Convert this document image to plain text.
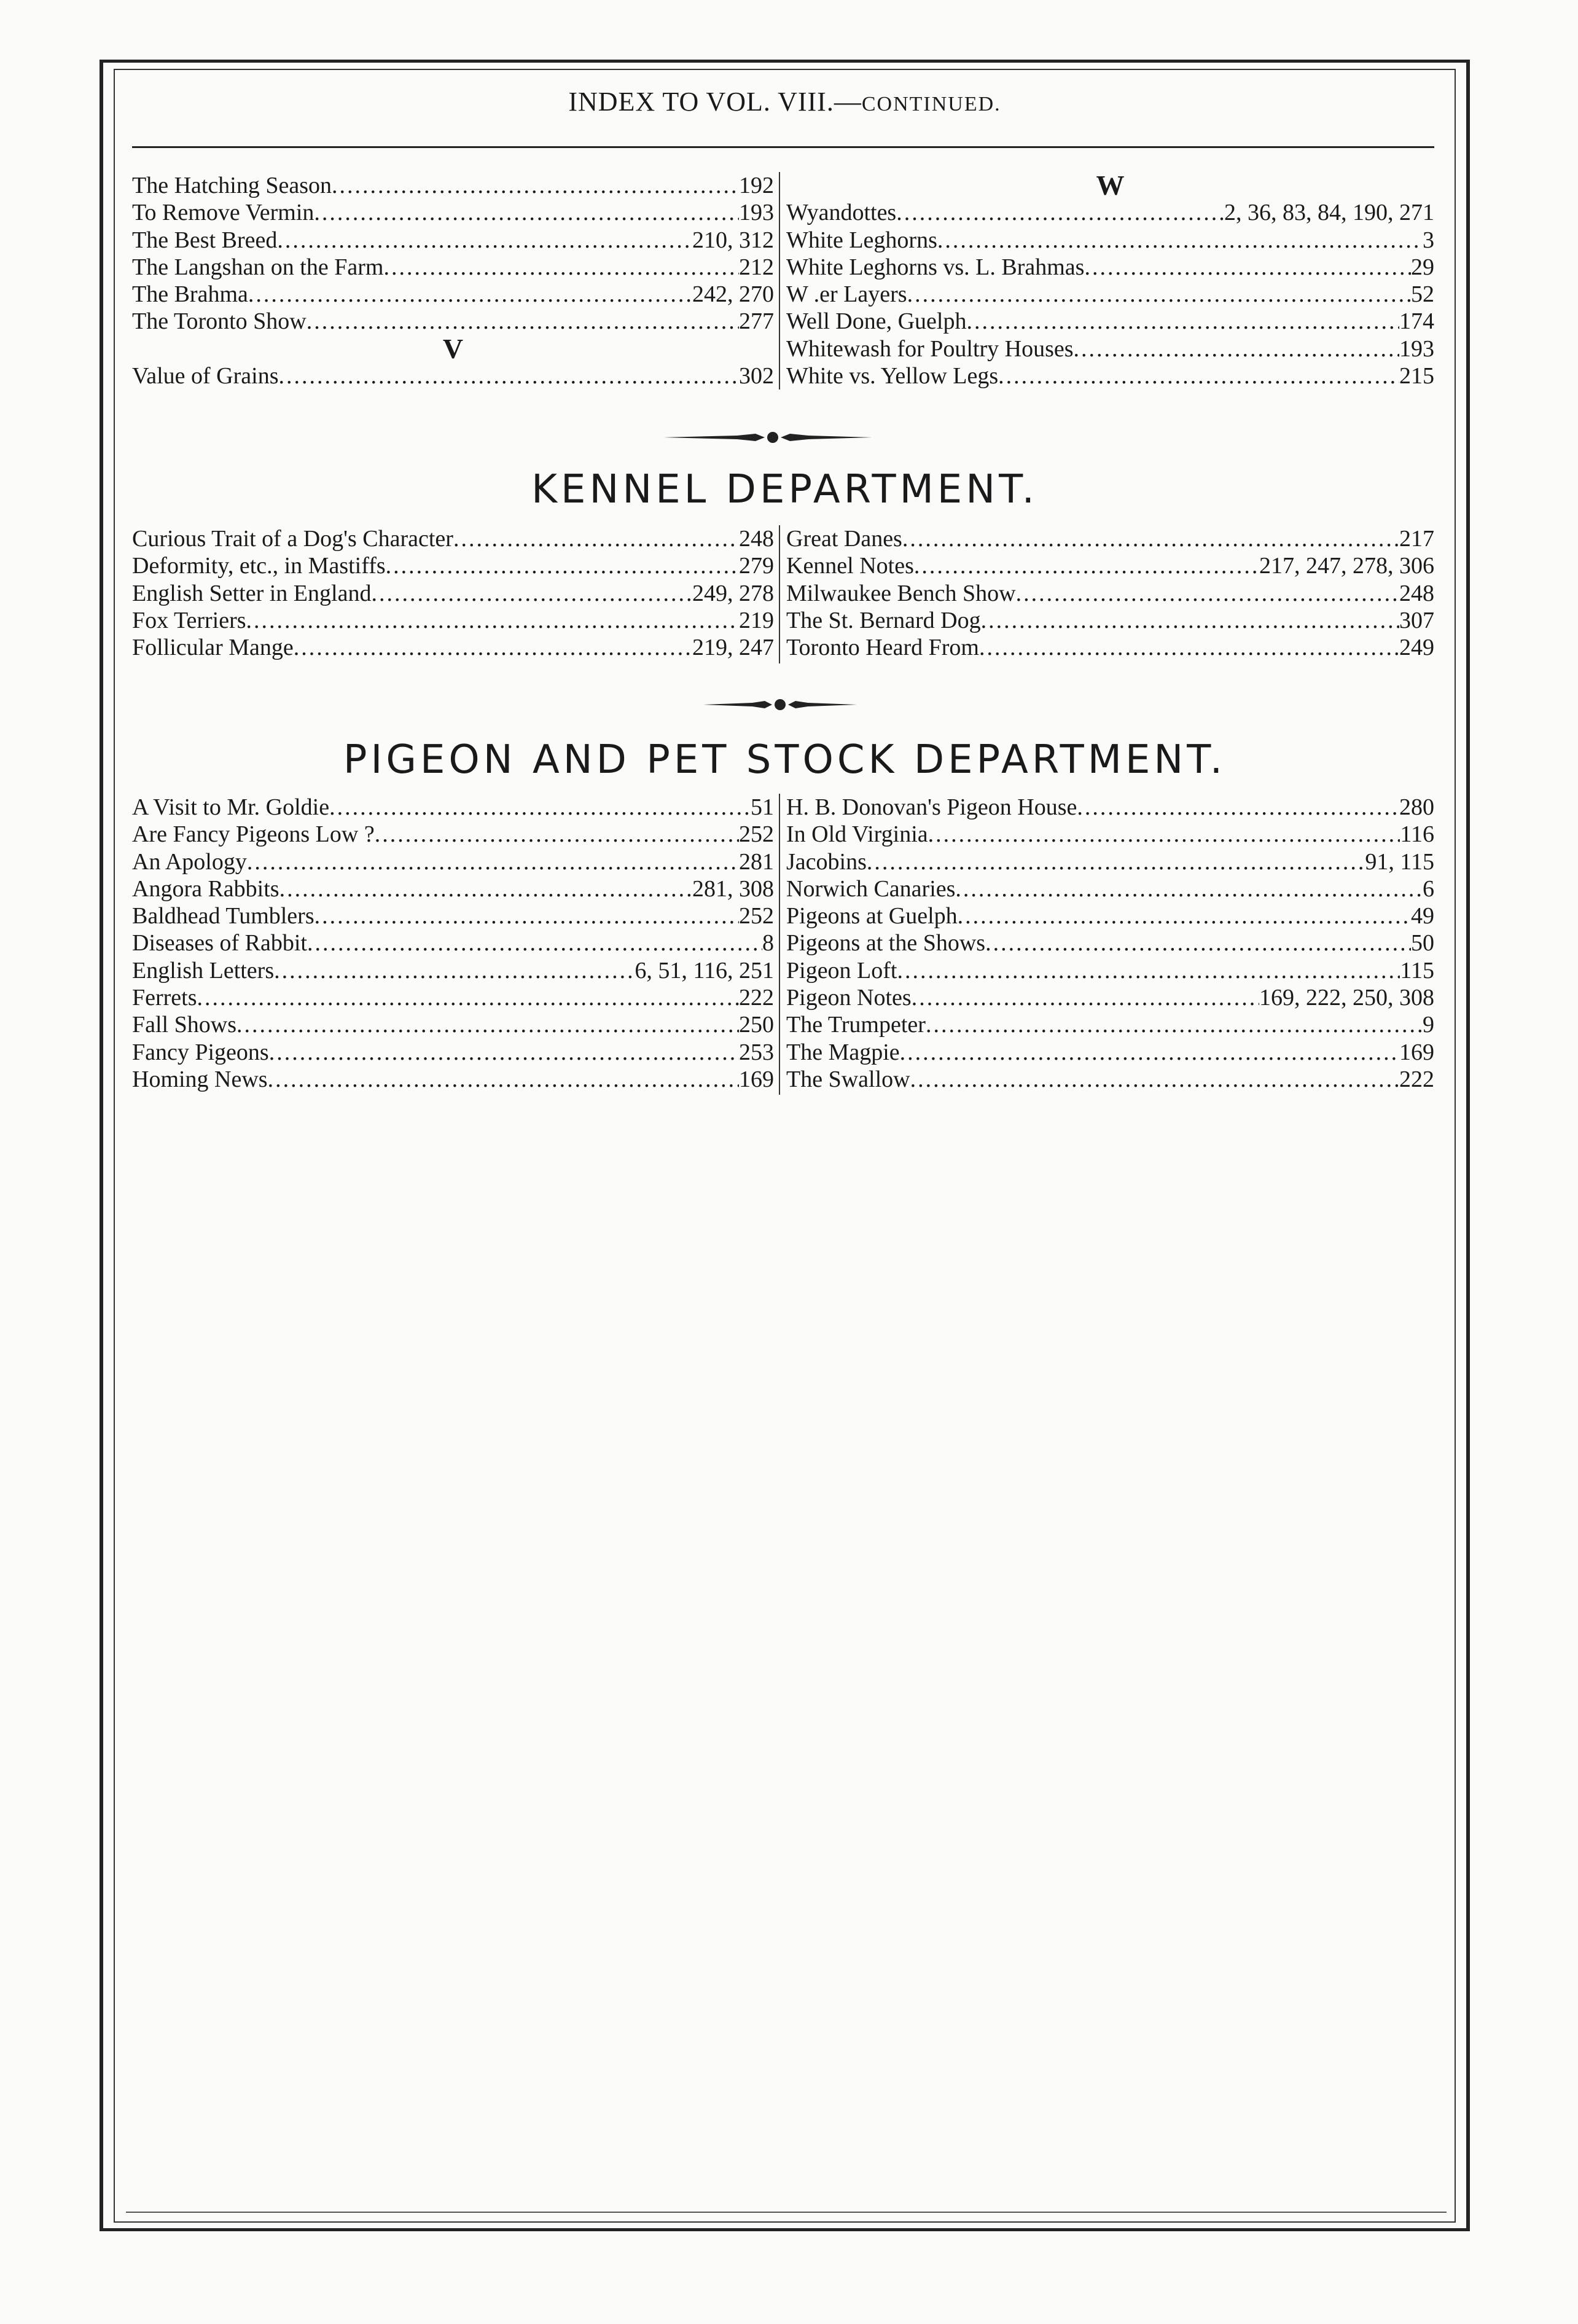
INDEX TO VOL. VIII.—CONTINUED.
The Hatching Season .....	192
To Remove Vermin .....	193
The Best Breed .....	210, 312
The Langshan on the Farm .....	212
The Brahma .....	242, 270
The Toronto Show .....	277
V
Value of Grains .....	302
W
Wyandottes .....	2, 36, 83, 84, 190, 271
White Leghorns .....	3
White Leghorns vs. L. Brahmas .....	29
W .er Layers .....	52
Well Done, Guelph .....	174
Whitewash for Poultry Houses .....	193
White vs. Yellow Legs .....	215
KENNEL DEPARTMENT.
Curious Trait of a Dog's Character .....	248
Deformity, etc., in Mastiffs .....	279
English Setter in England .....	249, 278
Fox Terriers .....	219
Follicular Mange .....	219, 247
Great Danes .....	217
Kennel Notes .....	217, 247, 278, 306
Milwaukee Bench Show .....	248
The St. Bernard Dog .....	307
Toronto Heard From .....	249
PIGEON AND PET STOCK DEPARTMENT.
A Visit to Mr. Goldie .....	51
Are Fancy Pigeons Low ? .....	252
An Apology .....	281
Angora Rabbits .....	281, 308
Baldhead Tumblers .....	252
Diseases of Rabbit .....	8
English Letters .....	6, 51, 116, 251
Ferrets .....	222
Fall Shows .....	250
Fancy Pigeons .....	253
Homing News .....	169
H. B. Donovan's Pigeon House .....	280
In Old Virginia .....	116
Jacobins .....	91, 115
Norwich Canaries .....	6
Pigeons at Guelph .....	49
Pigeons at the Shows .....	50
Pigeon Loft .....	115
Pigeon Notes .....	169, 222, 250, 308
The Trumpeter .....	9
The Magpie .....	169
The Swallow .....	222
